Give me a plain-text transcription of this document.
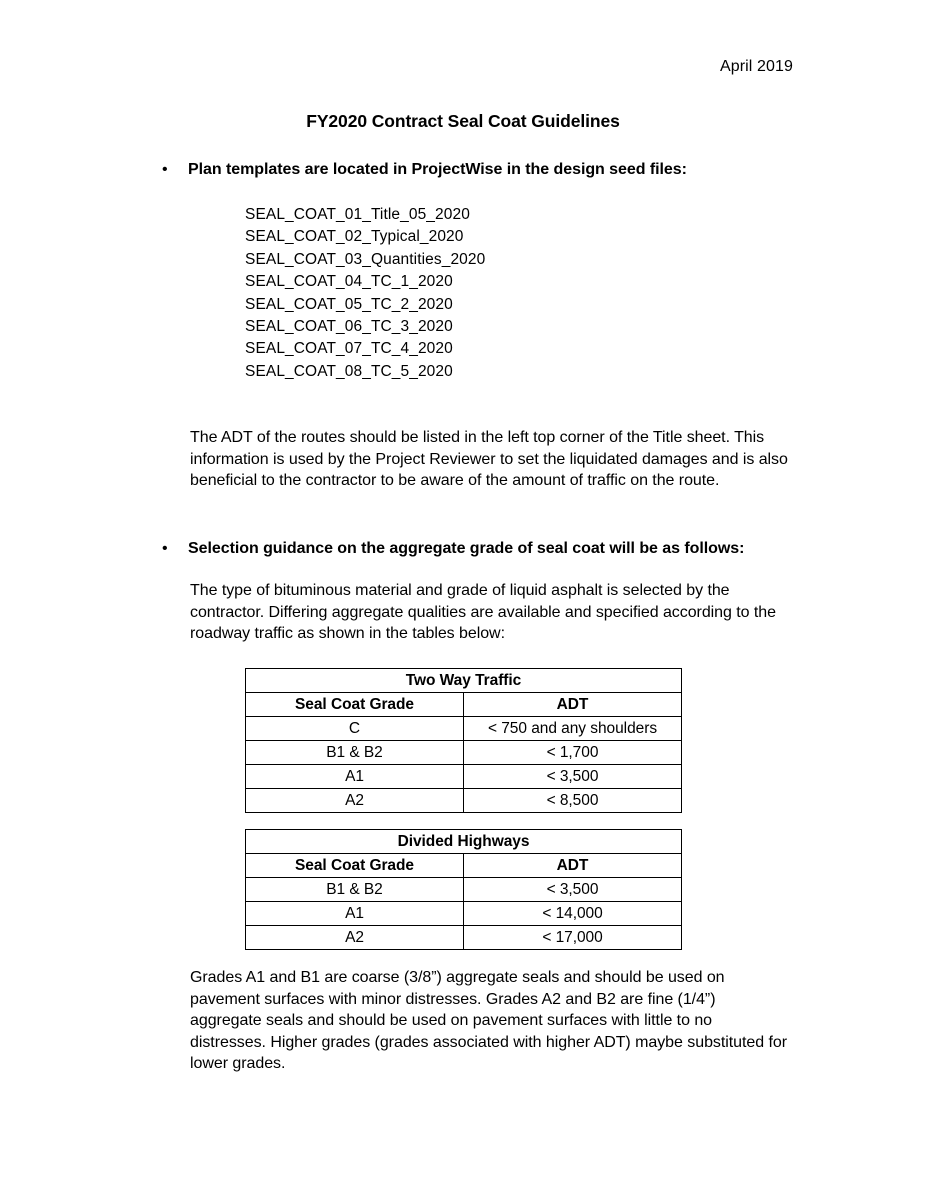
April 2019
FY2020 Contract Seal Coat Guidelines
•	Plan templates are located in ProjectWise in the design seed files:
SEAL_COAT_01_Title_05_2020
SEAL_COAT_02_Typical_2020
SEAL_COAT_03_Quantities_2020
SEAL_COAT_04_TC_1_2020
SEAL_COAT_05_TC_2_2020
SEAL_COAT_06_TC_3_2020
SEAL_COAT_07_TC_4_2020
SEAL_COAT_08_TC_5_2020
The ADT of the routes should be listed in the left top corner of the Title sheet. This information is used by the Project Reviewer to set the liquidated damages and is also beneficial to the contractor to be aware of the amount of traffic on the route.
•	Selection guidance on the aggregate grade of seal coat will be as follows:
The type of bituminous material and grade of liquid asphalt is selected by the contractor. Differing aggregate qualities are available and specified according to the roadway traffic as shown in the tables below:
Two Way Traffic	
Seal Coat Grade	ADT
C	< 750 and any shoulders
B1 & B2	< 1,700
A1	< 3,500
A2	< 8,500
Divided Highways	
Seal Coat Grade	ADT
B1 & B2	< 3,500
A1	< 14,000
A2	< 17,000
Grades A1 and B1 are coarse (3/8”) aggregate seals and should be used on pavement surfaces with minor distresses. Grades A2 and B2 are fine (1/4”) aggregate seals and should be used on pavement surfaces with little to no distresses. Higher grades (grades associated with higher ADT) maybe substituted for lower grades.
